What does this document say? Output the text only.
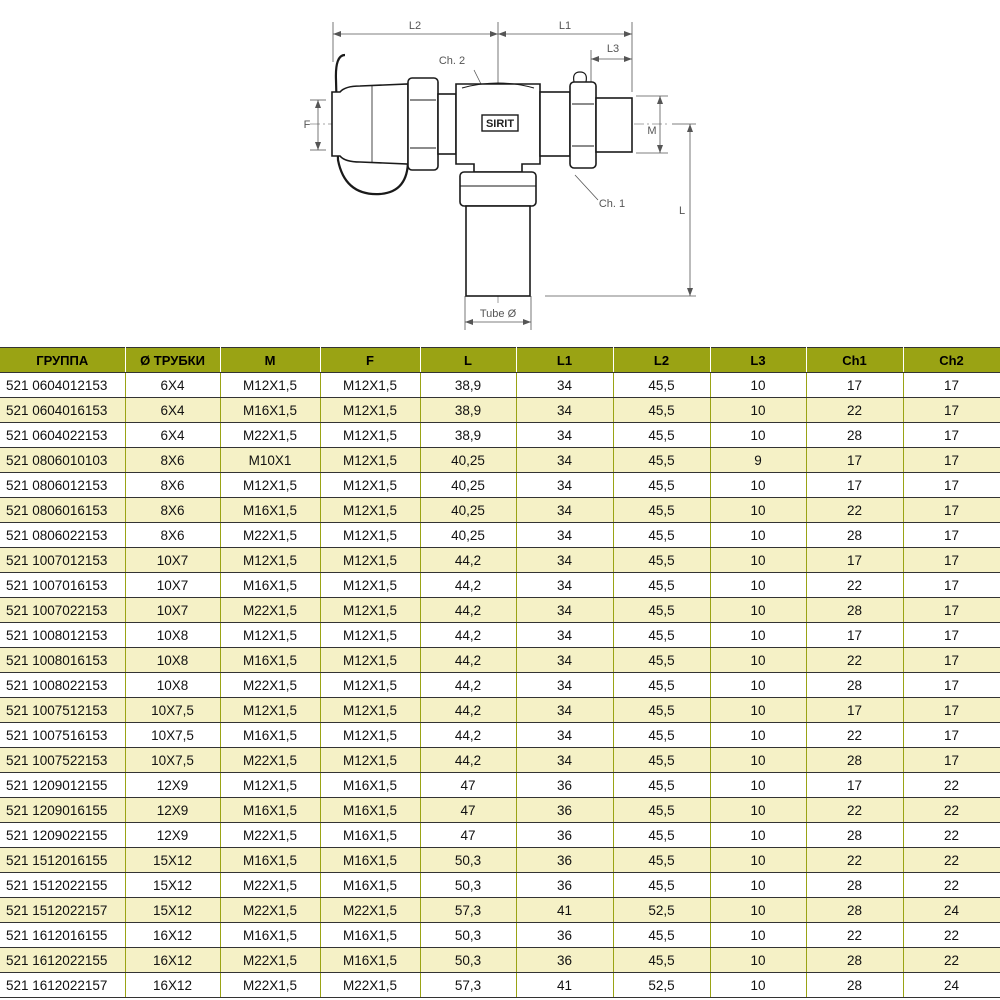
SIRIT
L2	L1
L3
Ch. 2
Ch. 1
F	M
L
Tube Ø
ГРУППА	Ø ТРУБКИ	M	F	L	L1	L2	L3	Ch1	Ch2
521 0604012153	6X4	M12X1,5	M12X1,5	38,9	34	45,5	10	17	17
521 0604016153	6X4	M16X1,5	M12X1,5	38,9	34	45,5	10	22	17
521 0604022153	6X4	M22X1,5	M12X1,5	38,9	34	45,5	10	28	17
521 0806010103	8X6	M10X1	M12X1,5	40,25	34	45,5	9	17	17
521 0806012153	8X6	M12X1,5	M12X1,5	40,25	34	45,5	10	17	17
521 0806016153	8X6	M16X1,5	M12X1,5	40,25	34	45,5	10	22	17
521 0806022153	8X6	M22X1,5	M12X1,5	40,25	34	45,5	10	28	17
521 1007012153	10X7	M12X1,5	M12X1,5	44,2	34	45,5	10	17	17
521 1007016153	10X7	M16X1,5	M12X1,5	44,2	34	45,5	10	22	17
521 1007022153	10X7	M22X1,5	M12X1,5	44,2	34	45,5	10	28	17
521 1008012153	10X8	M12X1,5	M12X1,5	44,2	34	45,5	10	17	17
521 1008016153	10X8	M16X1,5	M12X1,5	44,2	34	45,5	10	22	17
521 1008022153	10X8	M22X1,5	M12X1,5	44,2	34	45,5	10	28	17
521 1007512153	10X7,5	M12X1,5	M12X1,5	44,2	34	45,5	10	17	17
521 1007516153	10X7,5	M16X1,5	M12X1,5	44,2	34	45,5	10	22	17
521 1007522153	10X7,5	M22X1,5	M12X1,5	44,2	34	45,5	10	28	17
521 1209012155	12X9	M12X1,5	M16X1,5	47	36	45,5	10	17	22
521 1209016155	12X9	M16X1,5	M16X1,5	47	36	45,5	10	22	22
521 1209022155	12X9	M22X1,5	M16X1,5	47	36	45,5	10	28	22
521 1512016155	15X12	M16X1,5	M16X1,5	50,3	36	45,5	10	22	22
521 1512022155	15X12	M22X1,5	M16X1,5	50,3	36	45,5	10	28	22
521 1512022157	15X12	M22X1,5	M22X1,5	57,3	41	52,5	10	28	24
521 1612016155	16X12	M16X1,5	M16X1,5	50,3	36	45,5	10	22	22
521 1612022155	16X12	M22X1,5	M16X1,5	50,3	36	45,5	10	28	22
521 1612022157	16X12	M22X1,5	M22X1,5	57,3	41	52,5	10	28	24
